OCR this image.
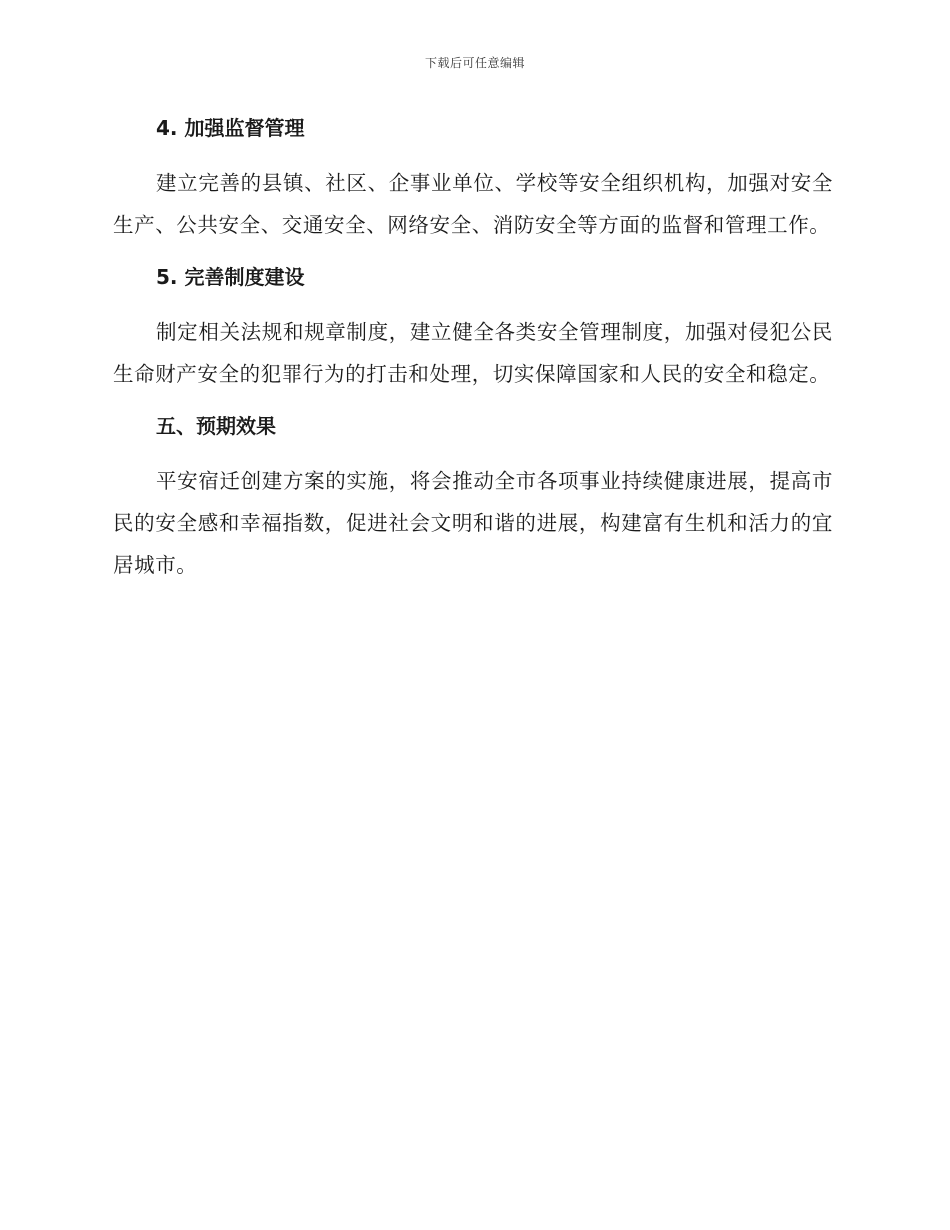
下载后可任意编辑
4. 加强监督管理

建立完善的县镇、社区、企事业单位、学校等安全组织机构，加强对安全生产、公共安全、交通安全、网络安全、消防安全等方面的监督和管理工作。

5. 完善制度建设

制定相关法规和规章制度，建立健全各类安全管理制度，加强对侵犯公民生命财产安全的犯罪行为的打击和处理，切实保障国家和人民的安全和稳定。

五、预期效果

平安宿迁创建方案的实施，将会推动全市各项事业持续健康进展，提高市民的安全感和幸福指数，促进社会文明和谐的进展，构建富有生机和活力的宜居城市。
